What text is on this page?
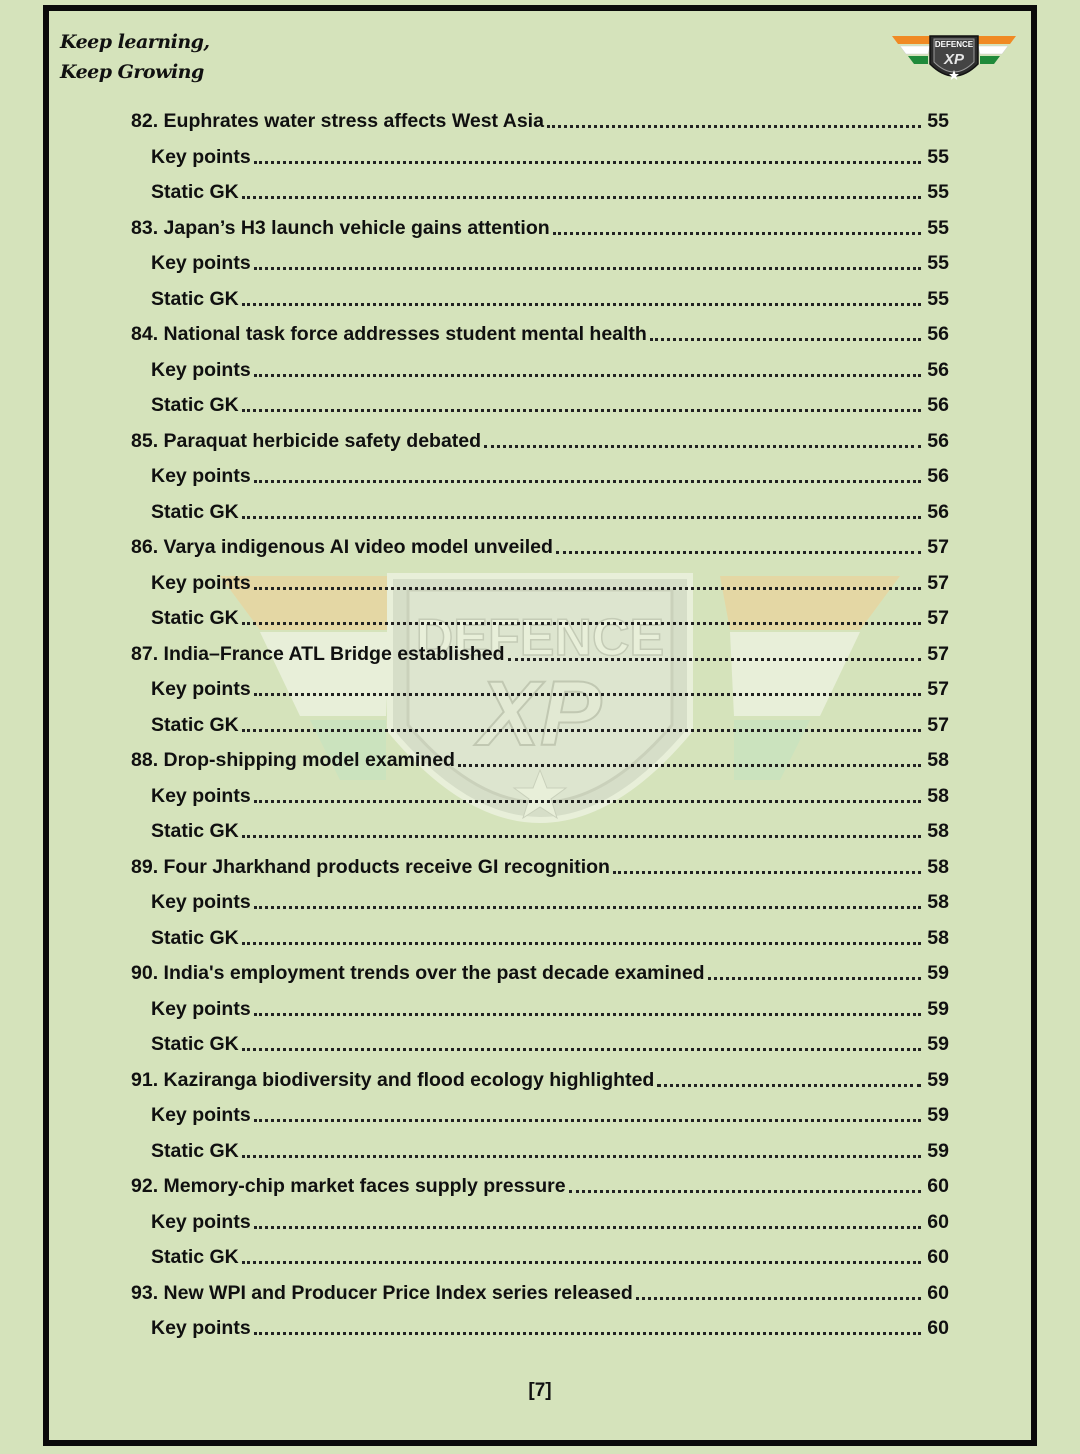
Keep learning,
Keep Growing
DEFENCE
XP
DEFENCE
XP
82. Euphrates water stress affects West Asia	55
Key points	55
Static GK	55
83. Japan’s H3 launch vehicle gains attention	55
Key points	55
Static GK	55
84. National task force addresses student mental health	56
Key points	56
Static GK	56
85. Paraquat herbicide safety debated	56
Key points	56
Static GK	56
86. Varya indigenous AI video model unveiled	57
Key points	57
Static GK	57
87. India–France ATL Bridge established	57
Key points	57
Static GK	57
88. Drop-shipping model examined	58
Key points	58
Static GK	58
89. Four Jharkhand products receive GI recognition	58
Key points	58
Static GK	58
90. India's employment trends over the past decade examined	59
Key points	59
Static GK	59
91. Kaziranga biodiversity and flood ecology highlighted	59
Key points	59
Static GK	59
92. Memory-chip market faces supply pressure	60
Key points	60
Static GK	60
93. New WPI and Producer Price Index series released	60
Key points	60
[7]
